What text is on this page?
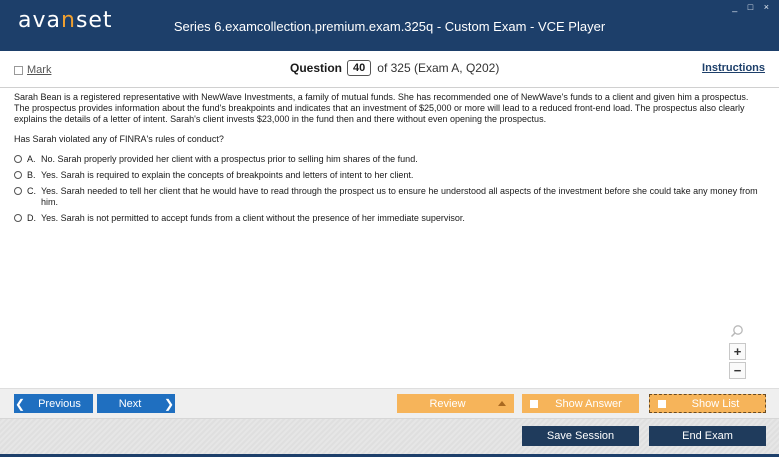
avanset	Series 6.examcollection.premium.exam.325q - Custom Exam - VCE Player
_ □ ×
Mark	Question	40	of 325 (Exam A, Q202)	Instructions

Sarah Bean is a registered representative with NewWave Investments, a family of mutual funds. She has recommended one of NewWave's funds to a client and given him a prospectus. The prospectus provides information about the fund's breakpoints and indicates that an investment of $25,000 or more will lead to a reduced front-end load. The prospectus also clearly explains the details of a letter of intent. Sarah's client invests $23,000 in the fund then and there without even opening the prospectus.

Has Sarah violated any of FINRA's rules of conduct?

A. No. Sarah properly provided her client with a prospectus prior to selling him shares of the fund.
B. Yes. Sarah is required to explain the concepts of breakpoints and letters of intent to her client.
C. Yes. Sarah needed to tell her client that he would have to read through the prospect us to ensure he understood all aspects of the investment before she could take any money from him.
D. Yes. Sarah is not permitted to accept funds from a client without the presence of her immediate supervisor.
+
−
❮	Previous	Next	❯	Review	Show Answer	Show List
Save Session	End Exam
